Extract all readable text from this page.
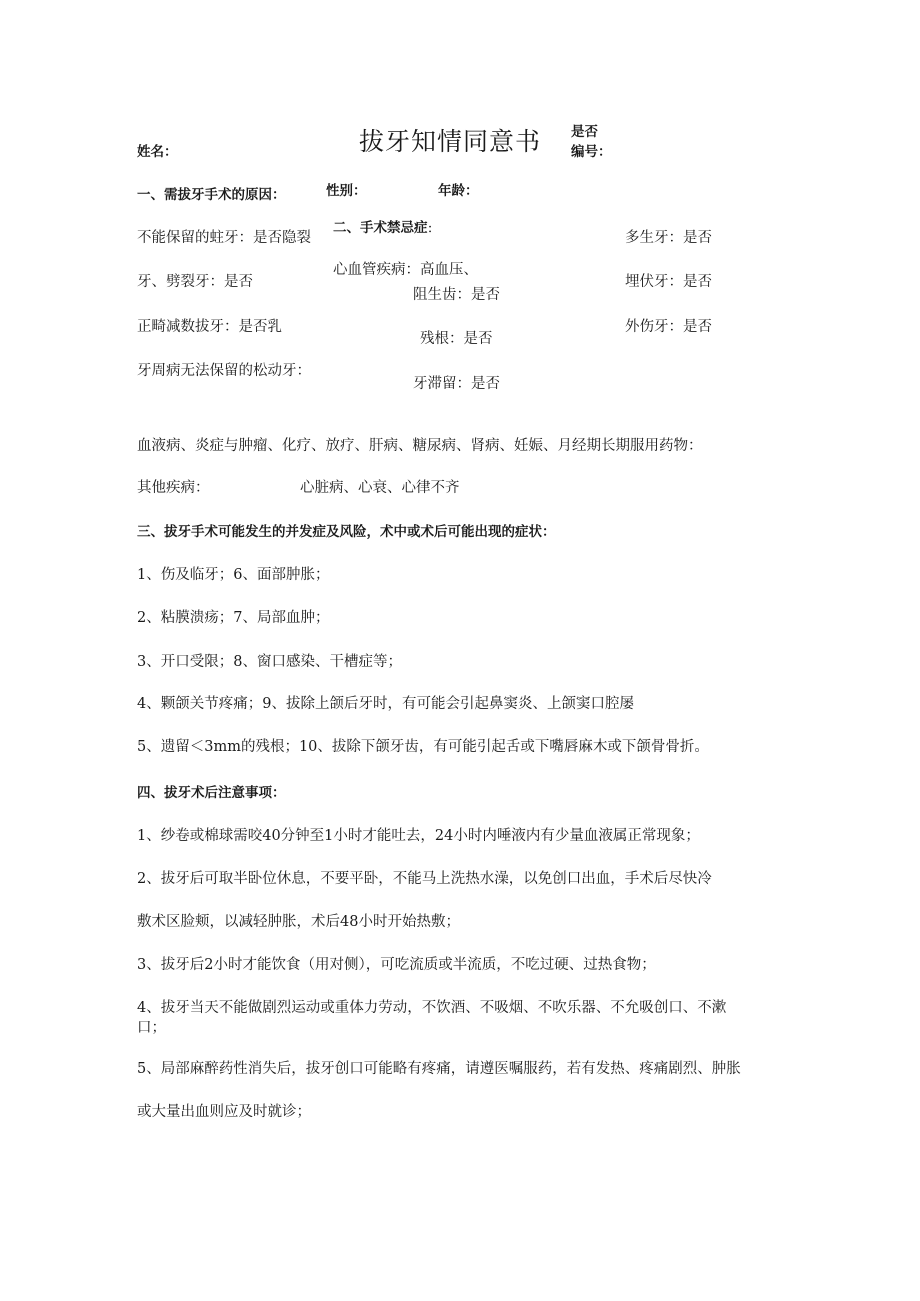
姓名：	拔牙知情同意书 是否
编号：
一、需拔牙手术的原因：	性别：	年龄：
二、手术禁忌症：
不能保留的蛀牙：是否隐裂
牙、劈裂牙：是否
正畸减数拔牙：是否乳
牙周病无法保留的松动牙：
心血管疾病：高血压、
阻生齿：是否
残根：是否
牙滞留：是否
多生牙：是否
埋伏牙：是否
外伤牙：是否
血液病、炎症与肿瘤、化疗、放疗、肝病、糖尿病、肾病、妊娠、月经期长期服用药物：
其他疾病：	心脏病、心衰、心律不齐
三、拔牙手术可能发生的并发症及风险，术中或术后可能出现的症状：
1、伤及临牙；6、面部肿胀；
2、粘膜溃疡；7、局部血肿；
3、开口受限；8、窗口感染、干槽症等；
4、颗颌关节疼痛；9、拔除上颌后牙时，有可能会引起鼻窦炎、上颌窦口腔屡
5、遗留＜3mm的残根；10、拔除下颌牙齿，有可能引起舌或下嘴唇麻木或下颌骨骨折。
四、拔牙术后注意事项：
1、纱卷或棉球需咬40分钟至1小时才能吐去，24小时内唾液内有少量血液属正常现象；
2、拔牙后可取半卧位休息，不要平卧，不能马上洗热水澡，以免创口出血，手术后尽快冷
敷术区脸颊，以减轻肿胀，术后48小时开始热敷；
3、拔牙后2小时才能饮食（用对侧），可吃流质或半流质，不吃过硬、过热食物；
4、拔牙当天不能做剧烈运动或重体力劳动，不饮酒、不吸烟、不吹乐器、不允吸创口、不漱
口；
5、局部麻醉药性消失后，拔牙创口可能略有疼痛，请遵医嘱服药，若有发热、疼痛剧烈、肿胀
或大量出血则应及时就诊；
